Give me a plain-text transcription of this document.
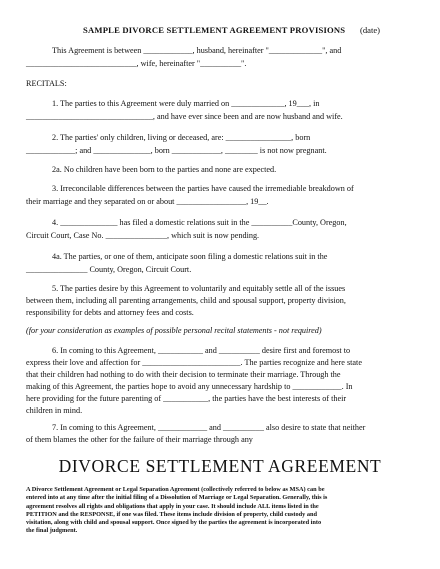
SAMPLE DIVORCE SETTLEMENT AGREEMENT PROVISIONS (date)
This Agreement is between ____________, husband, hereinafter "_____________", and
___________________________, wife, hereinafter "__________".
RECITALS:
1. The parties to this Agreement were duly married on _____________, 19___, in
_______________________________, and have ever since been and are now husband and wife.
2. The parties' only children, living or deceased, are: ________________, born
____________; and ______________, born ____________, ________ is not now pregnant.
2a. No children have been born to the parties and none are expected.
3. Irreconcilable differences between the parties have caused the irremediable breakdown of
their marriage and they separated on or about _________________, 19__.
4. ______________ has filed a domestic relations suit in the __________County, Oregon,
Circuit Court, Case No. _______________, which suit is now pending.
4a. The parties, or one of them, anticipate soon filing a domestic relations suit in the
_______________ County, Oregon, Circuit Court.
5. The parties desire by this Agreement to voluntarily and equitably settle all of the issues
between them, including all parenting arrangements, child and spousal support, property division,
responsibility for debts and attorney fees and costs.
(for your consideration as examples of possible personal recital statements - not required)
6. In coming to this Agreement, ___________ and __________ desire first and foremost to
express their love and affection for ________________________. The parties recognize and here state
that their children had nothing to do with their decision to terminate their marriage. Through the
making of this Agreement, the parties hope to avoid any unnecessary hardship to ____________. In
here providing for the future parenting of ___________, the parties have the best interests of their
children in mind.
7. In coming to this Agreement, ____________ and __________ also desire to state that neither
of them blames the other for the failure of their marriage through any
DIVORCE SETTLEMENT AGREEMENT

A Divorce Settlement Agreement or Legal Separation Agreement (collectively referred to below as MSA) can be

entered into at any time after the initial filing of a Dissolution of Marriage or Legal Separation. Generally, this is

agreement resolves all rights and obligations that apply in your case. It should include ALL items listed in the

PETITION and the RESPONSE, if one was filed. These items include division of property, child custody and

visitation, along with child and spousal support. Once signed by the parties the agreement is incorporated into

the final judgment.
